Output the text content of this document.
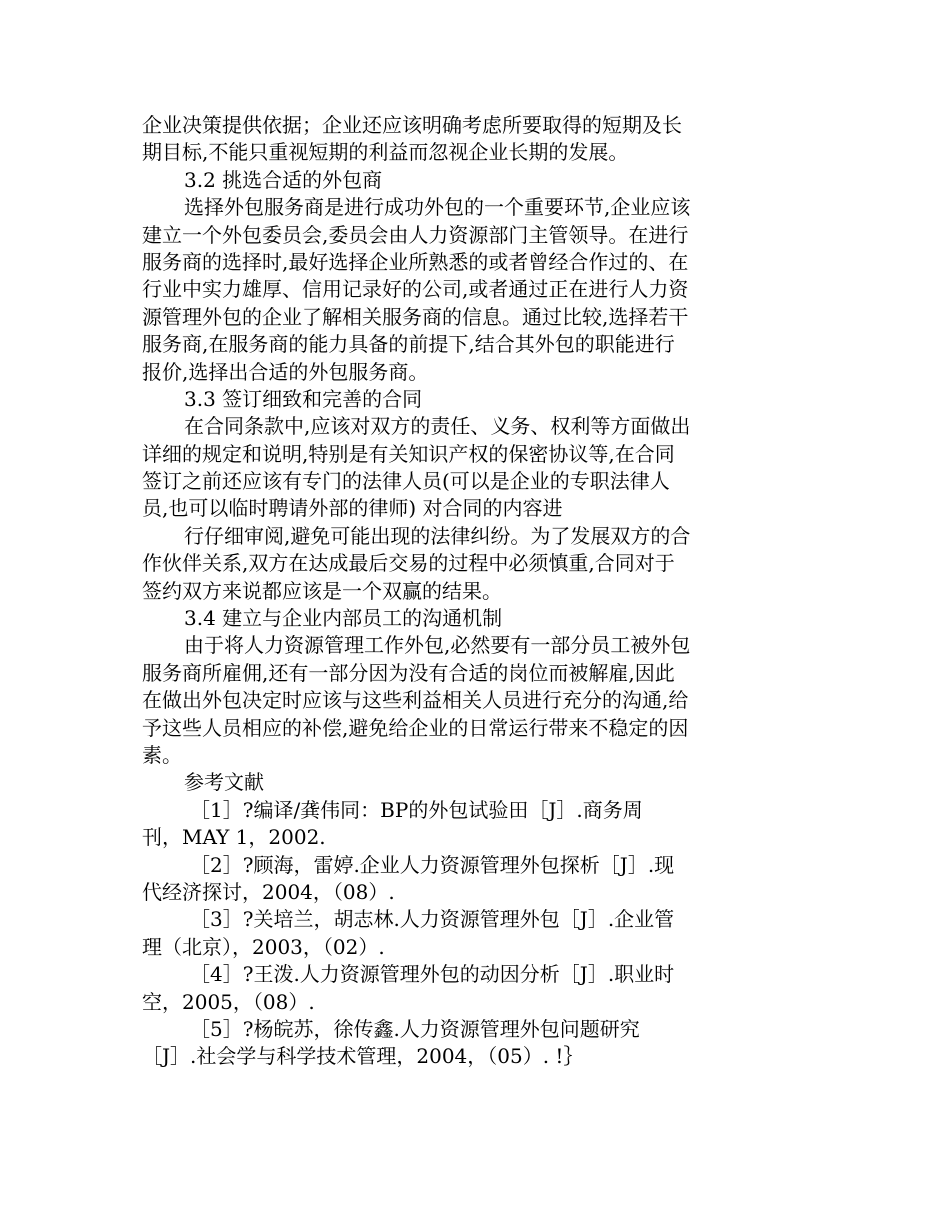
企业决策提供依据；企业还应该明确考虑所要取得的短期及长
期目标,不能只重视短期的利益而忽视企业长期的发展。
3.2 挑选合适的外包商
选择外包服务商是进行成功外包的一个重要环节,企业应该
建立一个外包委员会,委员会由人力资源部门主管领导。在进行
服务商的选择时,最好选择企业所熟悉的或者曾经合作过的、在
行业中实力雄厚、信用记录好的公司,或者通过正在进行人力资
源管理外包的企业了解相关服务商的信息。通过比较,选择若干
服务商,在服务商的能力具备的前提下,结合其外包的职能进行
报价,选择出合适的外包服务商。
3.3 签订细致和完善的合同
在合同条款中,应该对双方的责任、义务、权利等方面做出
详细的规定和说明,特别是有关知识产权的保密协议等,在合同
签订之前还应该有专门的法律人员(可以是企业的专职法律人
员,也可以临时聘请外部的律师) 对合同的内容进
行仔细审阅,避免可能出现的法律纠纷。为了发展双方的合
作伙伴关系,双方在达成最后交易的过程中必须慎重,合同对于
签约双方来说都应该是一个双赢的结果。
3.4 建立与企业内部员工的沟通机制
由于将人力资源管理工作外包,必然要有一部分员工被外包
服务商所雇佣,还有一部分因为没有合适的岗位而被解雇,因此
在做出外包决定时应该与这些利益相关人员进行充分的沟通,给
予这些人员相应的补偿,避免给企业的日常运行带来不稳定的因
素。
参考文献
［1］?编译/龚伟同：BP的外包试验田［J］.商务周
刊，MAY 1，2002.
［2］?顾海，雷婷.企业人力资源管理外包探析［J］.现
代经济探讨，2004，（08）.
［3］?关培兰，胡志林.人力资源管理外包［J］.企业管
理（北京），2003，（02）.
［4］?王泼.人力资源管理外包的动因分析［J］.职业时
空，2005，（08）.
［5］?杨皖苏，徐传鑫.人力资源管理外包问题研究
［J］.社会学与科学技术管理，2004，（05）. !｝
